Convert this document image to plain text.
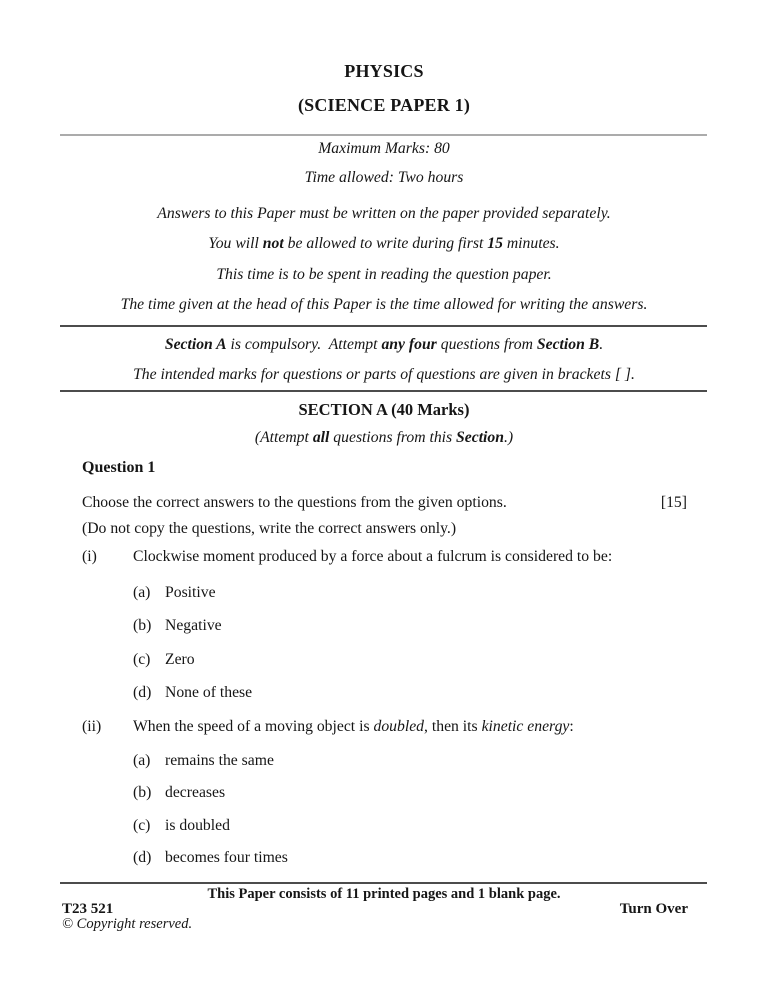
PHYSICS
(SCIENCE PAPER 1)
Maximum Marks: 80
Time allowed: Two hours
Answers to this Paper must be written on the paper provided separately.
You will not be allowed to write during first 15 minutes.
This time is to be spent in reading the question paper.
The time given at the head of this Paper is the time allowed for writing the answers.
Section A is compulsory.  Attempt any four questions from Section B.
The intended marks for questions or parts of questions are given in brackets [ ].
SECTION A (40 Marks)
(Attempt all questions from this Section.)
Question 1
Choose the correct answers to the questions from the given options.	[15]
(Do not copy the questions, write the correct answers only.)
(i) Clockwise moment produced by a force about a fulcrum is considered to be:
(a) Positive
(b) Negative
(c) Zero
(d) None of these
(ii) When the speed of a moving object is doubled, then its kinetic energy:
(a) remains the same
(b) decreases
(c) is doubled
(d) becomes four times
This Paper consists of 11 printed pages and 1 blank page.
T23 521	Turn Over
© Copyright reserved.
